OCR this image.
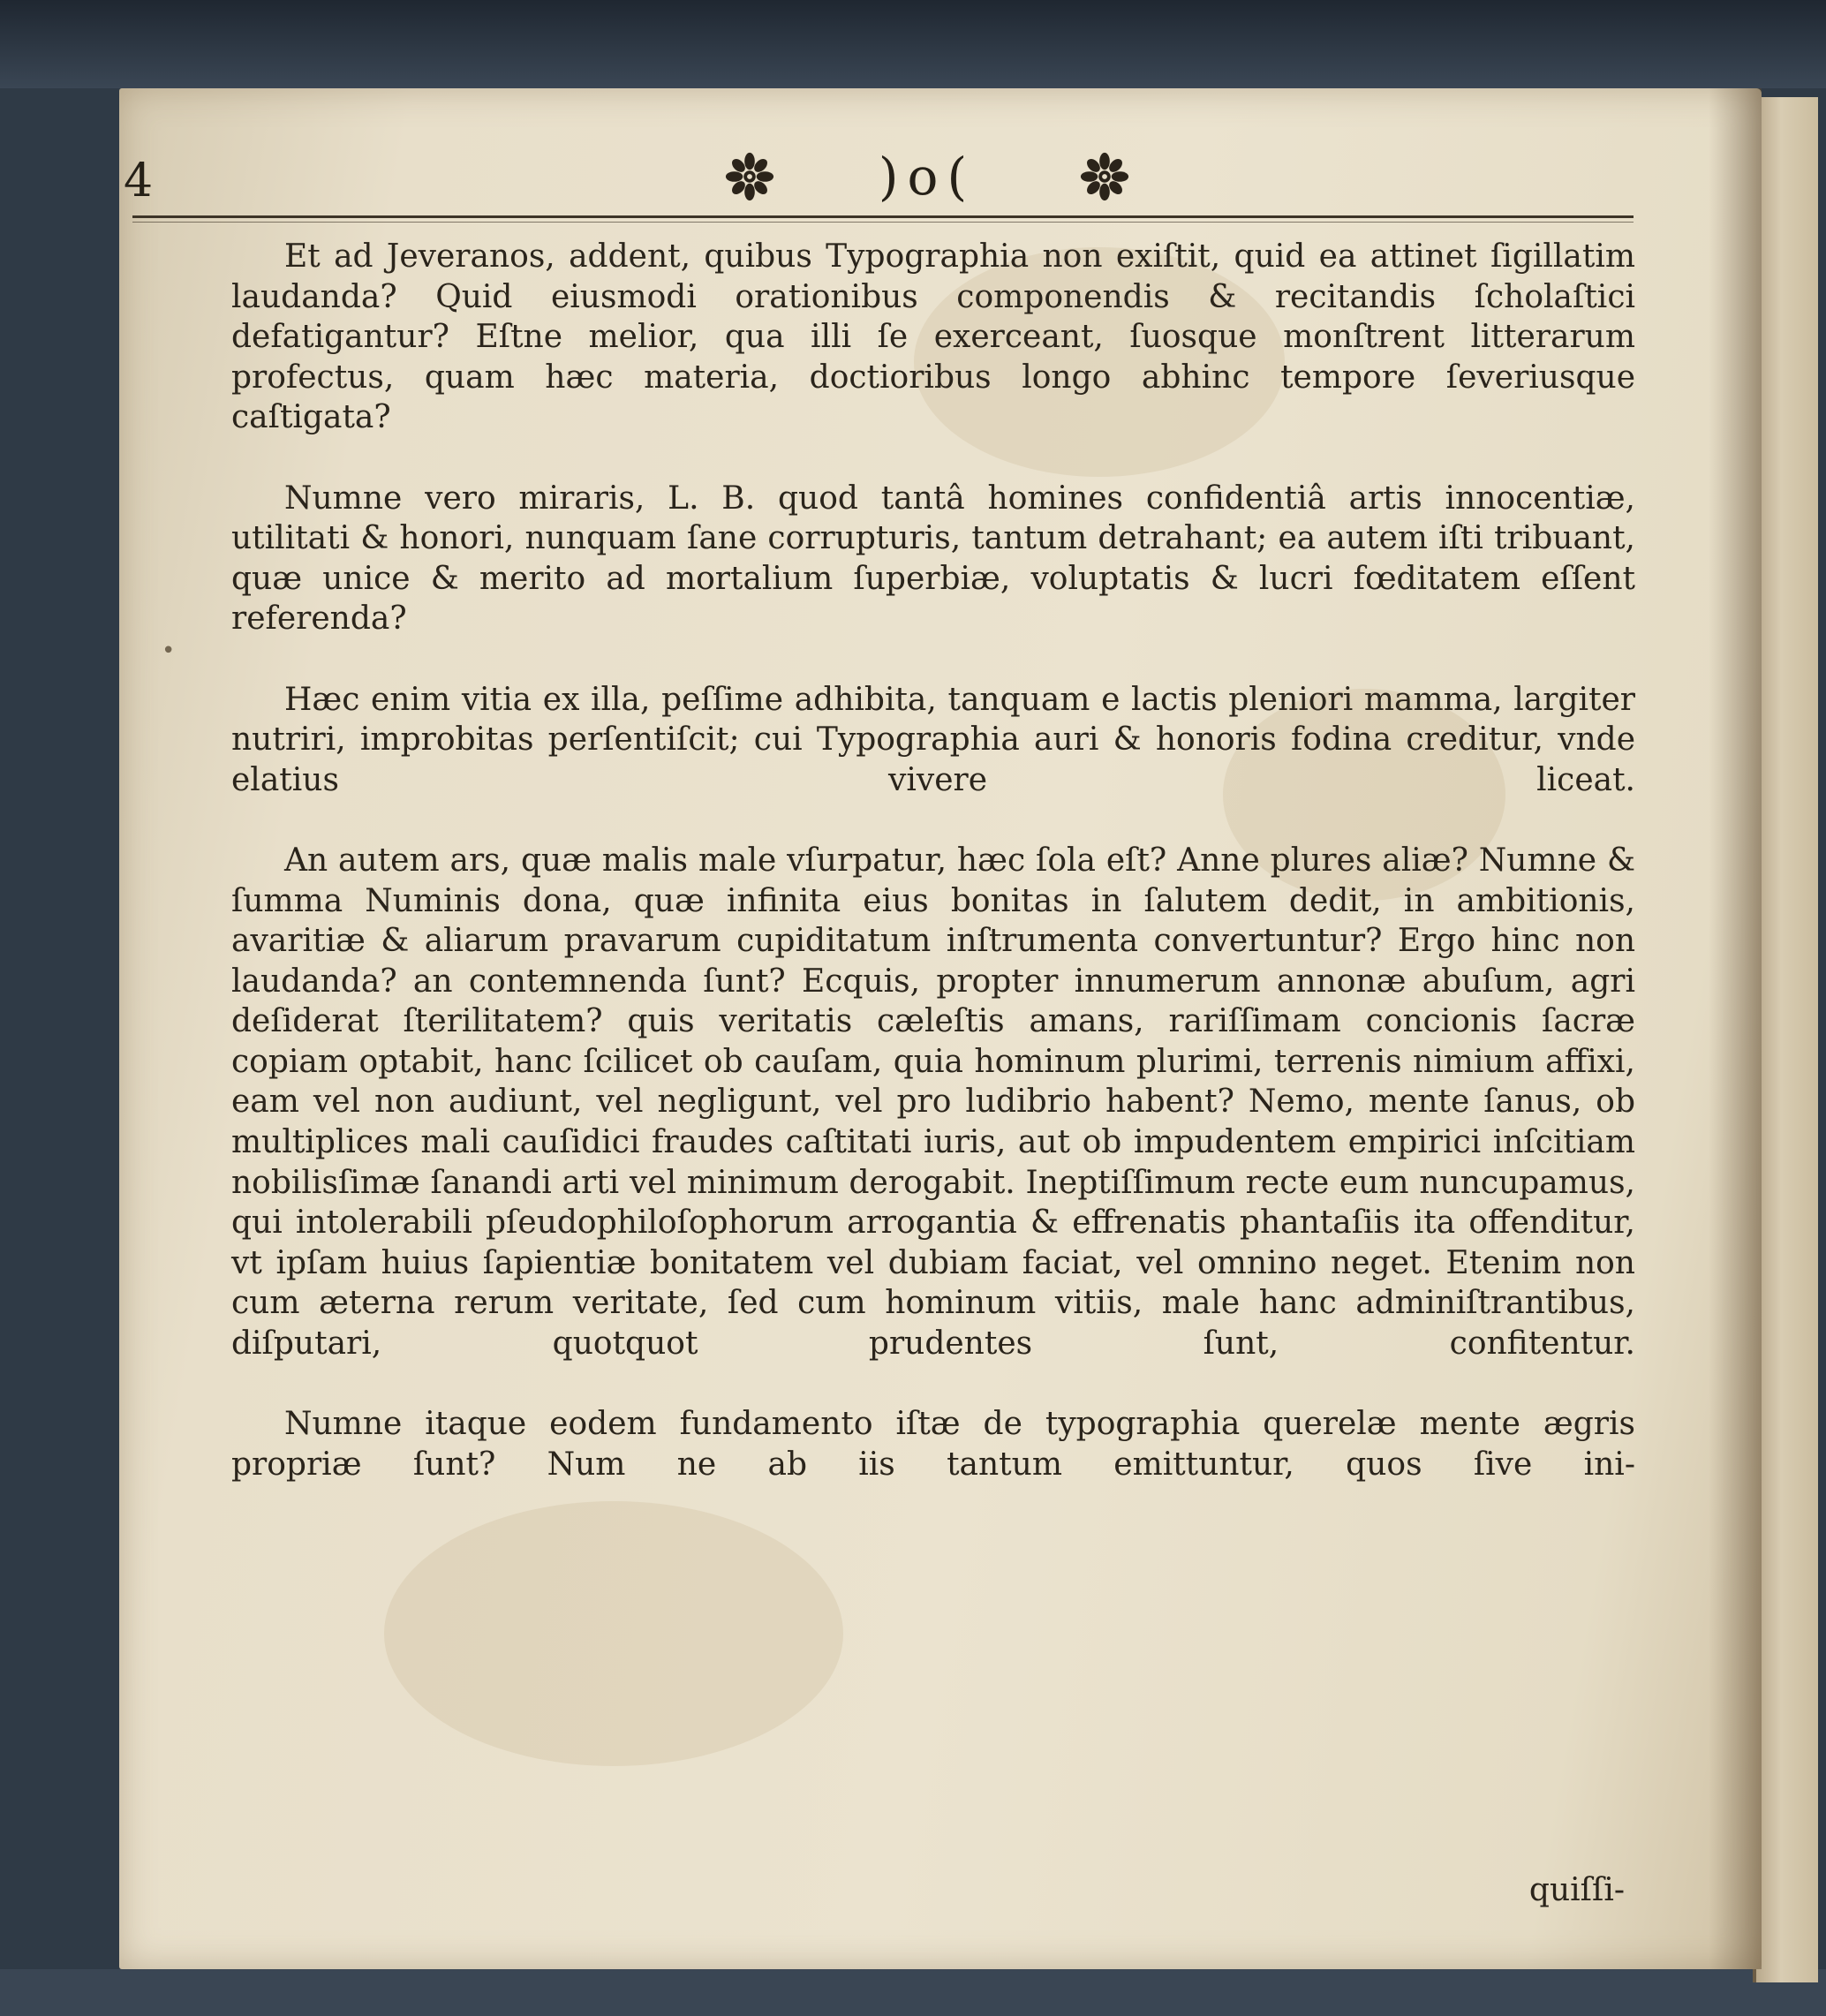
4	)o(
•

Et ad Jeveranos, addent, quibus Typographia non exiſtit, quid ea attinet ſigillatim laudanda? Quid eiusmodi orationibus componendis & recitandis ſcholaſtici defatigantur? Eſtne melior, qua illi ſe exerceant, ſuosque monſtrent litterarum profectus, quam hæc materia, doctioribus longo abhinc tempore ſeveriusque caſtigata?

Numne vero miraris, L. B. quod tantâ homines confidentiâ artis innocentiæ, utilitati & honori, nunquam ſane corrupturis, tantum detrahant; ea autem iſti tribuant, quæ unice & merito ad mortalium ſuperbiæ, voluptatis & lucri fœditatem eſſent referenda?

Hæc enim vitia ex illa, peſſime adhibita, tanquam e lactis pleniori mamma, largiter nutriri, improbitas perſentiſcit; cui Typographia auri & honoris fodina creditur, vnde elatius vivere liceat.

An autem ars, quæ malis male vſurpatur, hæc ſola eſt? Anne plures aliæ? Numne & ſumma Numinis dona, quæ infinita eius bonitas in ſalutem dedit, in ambitionis, avaritiæ & aliarum pravarum cupiditatum inſtrumenta convertuntur? Ergo hinc non laudanda? an contemnenda ſunt? Ecquis, propter innumerum annonæ abuſum, agri deſiderat ſterilitatem? quis veritatis cæleſtis amans, rariſſimam concionis ſacræ copiam optabit, hanc ſcilicet ob cauſam, quia hominum plurimi, terrenis nimium affixi, eam vel non audiunt, vel negligunt, vel pro ludibrio habent? Nemo, mente ſanus, ob multiplices mali cauſidici fraudes caſtitati iuris, aut ob impudentem empirici inſcitiam nobilisſimæ ſanandi arti vel minimum derogabit. Ineptiſſimum recte eum nuncupamus, qui intolerabili pſeudophiloſophorum arrogantia & effrenatis phantaſiis ita offenditur, vt ipſam huius ſapientiæ bonitatem vel dubiam faciat, vel omnino neget. Etenim non cum æterna rerum veritate, ſed cum hominum vitiis, male hanc adminiſtrantibus, diſputari, quotquot prudentes ſunt, confitentur.

Numne itaque eodem fundamento iſtæ de typographia querelæ mente ægris propriæ ſunt? Num ne ab iis tantum emittuntur, quos ſive ini-

quiſſi-
